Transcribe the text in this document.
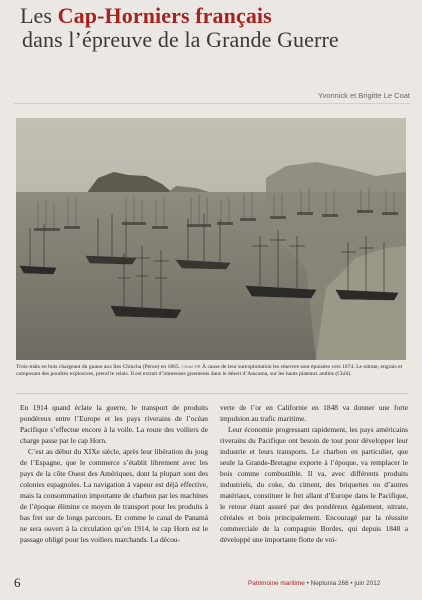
Les Cap-Horniers français
dans l’épreuve de la Grande Guerre
Yvonnick et Brigitte Le Coat

Trois-mâts en bois chargeant du guano aux îles Chincha (Pérou) en 1865. Cliché DR À cause de leur surexploitation les réserves sont épuisées vers 1874. Le nitrate, engrais et composant des poudres explosives, prend le relais. Il est extrait d’immenses gisements dans le désert d’Atacama, sur les hauts plateaux andins (Chili).

En 1914 quand éclate la guerre, le transport de produits pondéreux entre l’Europe et les pays riverains de l’océan Pacifique s’effectue encore à la voile. La route des voiliers de charge passe par le cap Horn.

C’est au début du XIXe siècle, après leur libération du joug de l’Espagne, que le commerce s’établit librement avec les pays de la côte Ouest des Amériques, dont la plupart sont des colonies espagnoles. La navigation à vapeur est déjà effective, mais la consommation importante de charbon par les machines de l’époque élimine ce moyen de transport pour les produits à bas fret sur de longs parcours. Et comme le canal de Panamá ne sera ouvert à la circulation qu’en 1914, le cap Horn est le passage obligé pour les voiliers marchands. La décou-

verte de l’or en Californie en 1848 va donner une forte impulsion au trafic maritime.

Leur économie progressant rapidement, les pays américains riverains du Pacifique ont besoin de tout pour développer leur industrie et leurs transports. Le charbon en particulier, que seule la Grande-Bretagne exporte à l’époque, va remplacer le bois comme combustible. Il va, avec différents produits industriels, du coke, du ciment, des briquettes ou d’autres matériaux, constituer le fret allant d’Europe dans le Pacifique, le retour étant assuré par des pondéreux également, nitrate, céréales et bois principalement. Encouragé par la réussite commerciale de la compagnie Bordes, qui depuis 1848 a développé une importante flotte de voi-

6	Patrimoine maritime • Neptunia 266 • juin 2012
